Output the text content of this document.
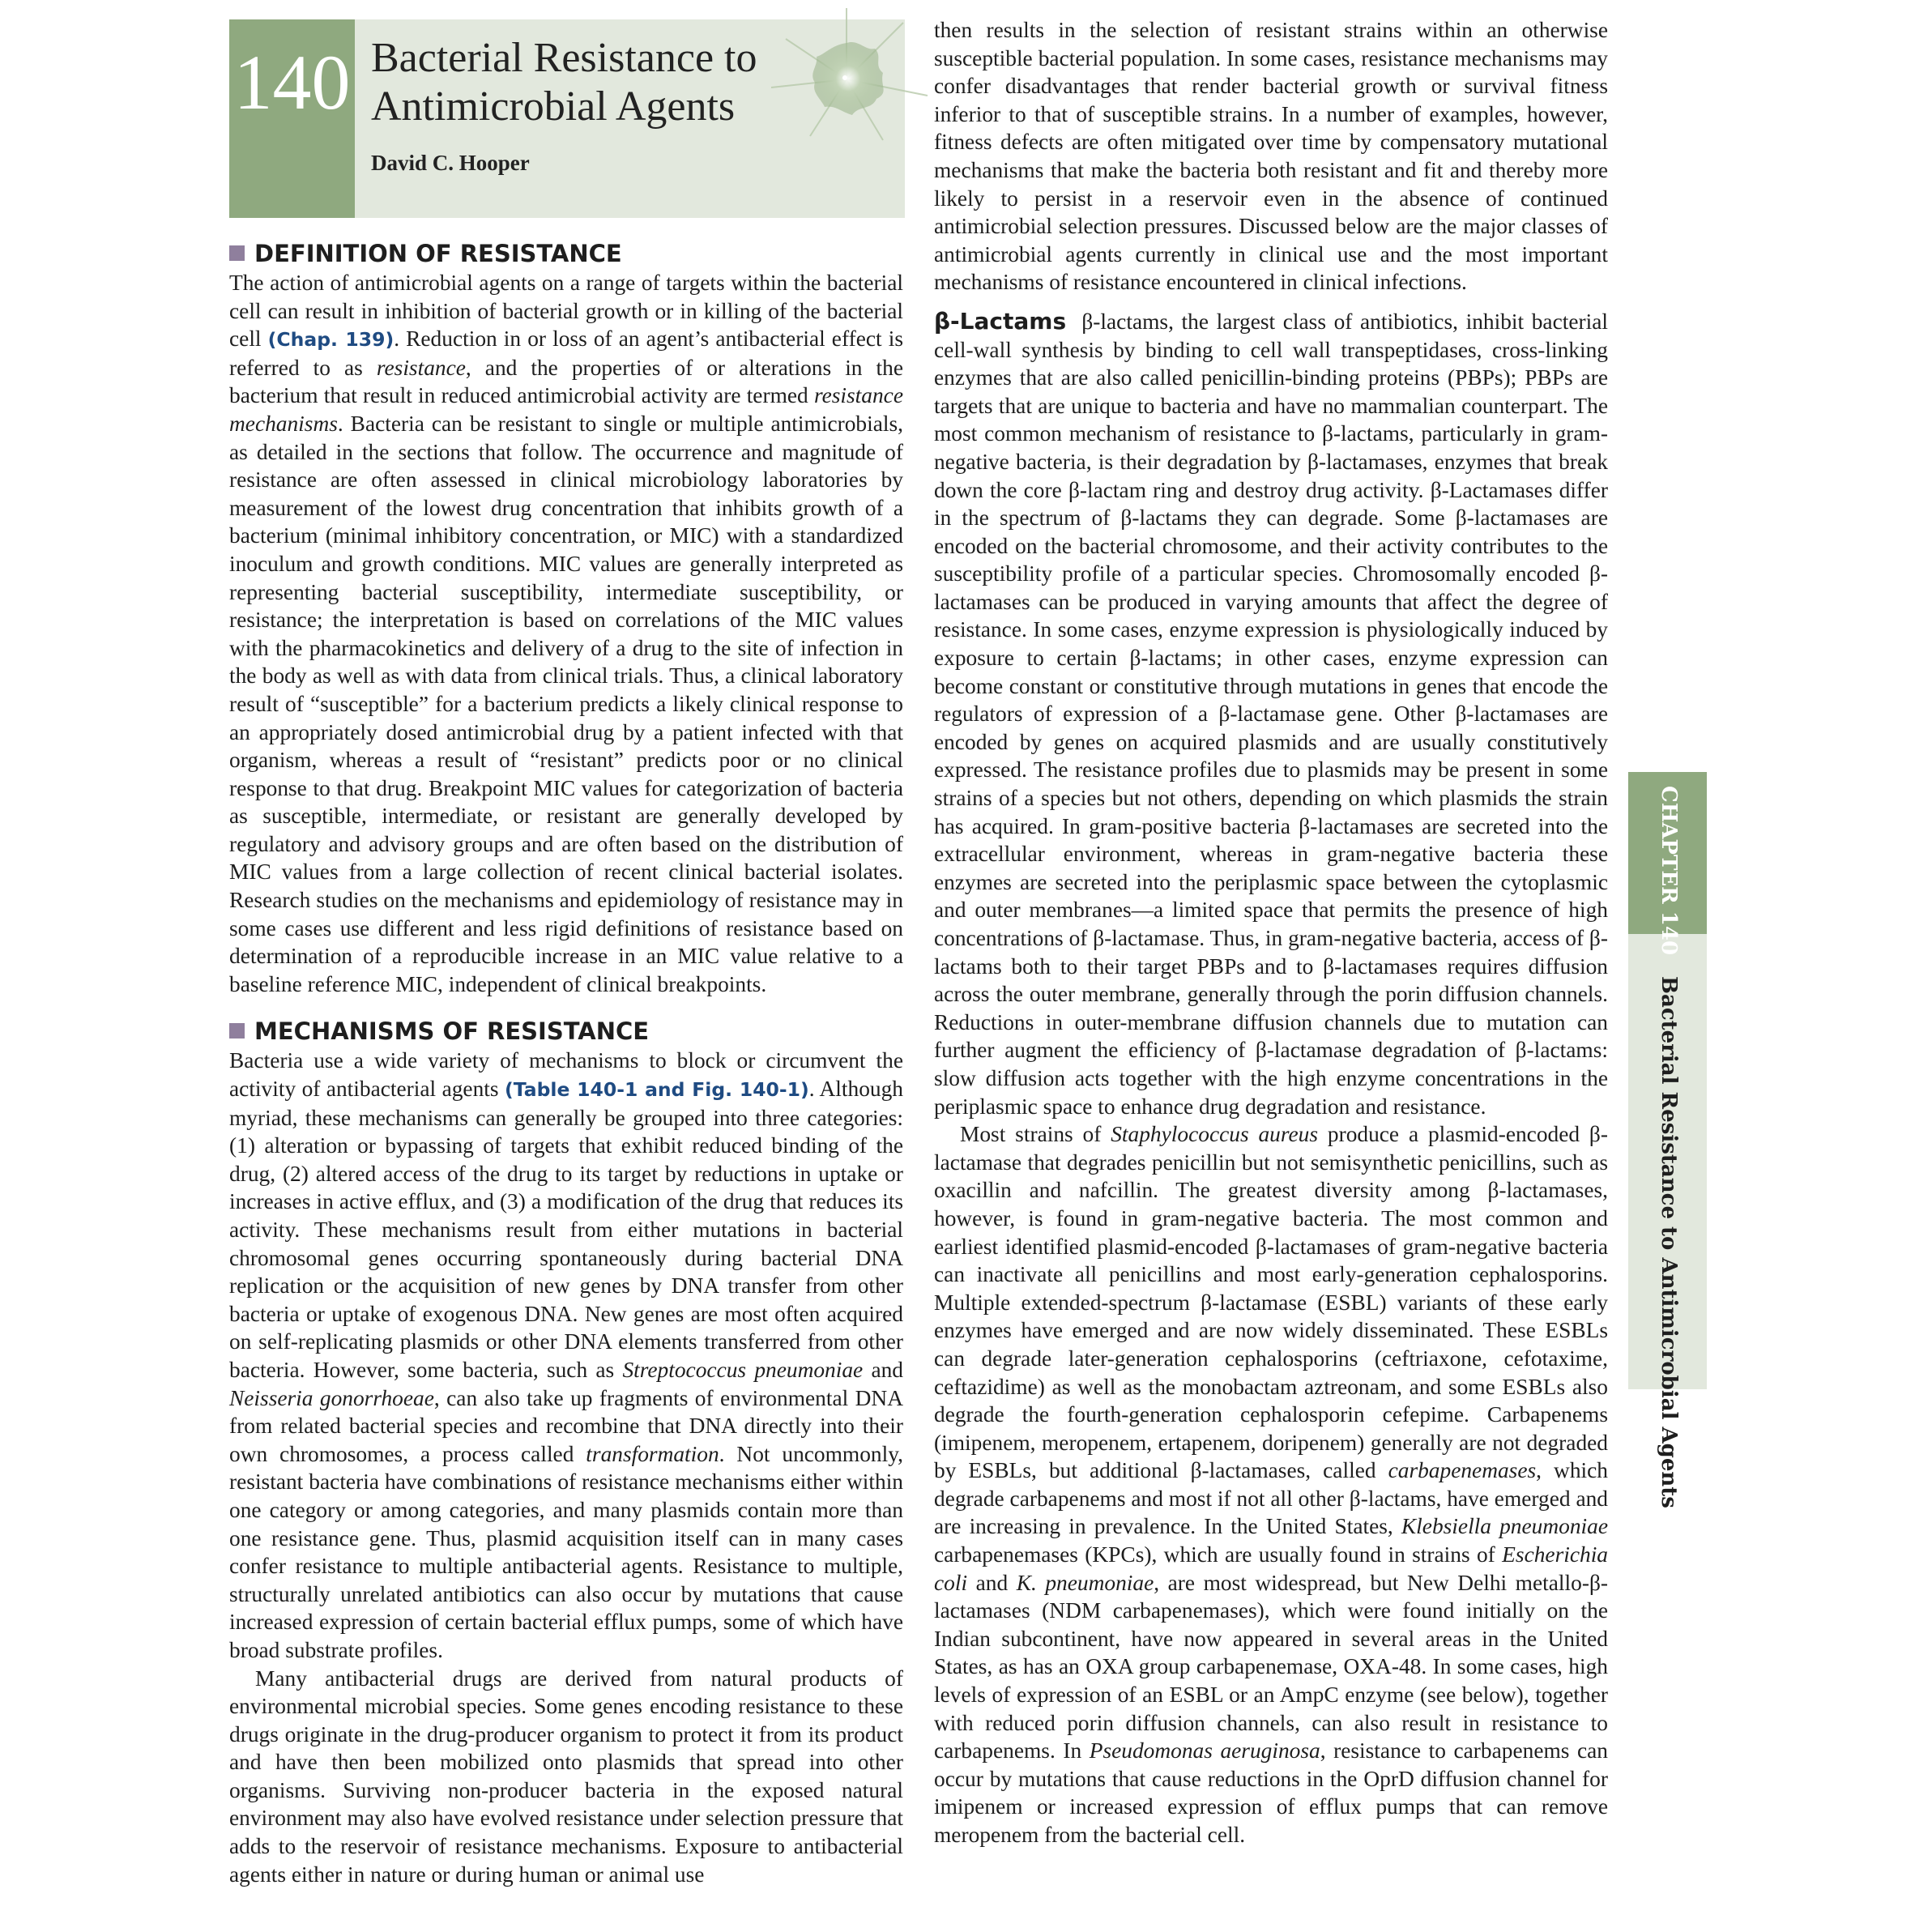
140 Bacterial Resistance to Antimicrobial Agents
David C. Hooper
DEFINITION OF RESISTANCE

The action of antimicrobial agents on a range of targets within the bacterial cell can result in inhibition of bacterial growth or in killing of the bacterial cell (Chap. 139). Reduction in or loss of an agent’s antibacterial effect is referred to as resistance, and the properties of or alterations in the bacterium that result in reduced antimicrobial activity are termed resistance mechanisms. Bacteria can be resistant to single or multiple antimicrobials, as detailed in the sections that follow. The occurrence and magnitude of resistance are often assessed in clinical microbiology laboratories by measurement of the lowest drug concentration that inhibits growth of a bacterium (minimal inhibitory concentration, or MIC) with a standardized inoculum and growth conditions. MIC values are generally interpreted as representing bacterial susceptibility, intermediate susceptibility, or resistance; the interpretation is based on correlations of the MIC values with the pharmacokinetics and delivery of a drug to the site of infection in the body as well as with data from clinical trials. Thus, a clinical laboratory result of “susceptible” for a bacterium predicts a likely clinical response to an appropriately dosed antimicrobial drug by a patient infected with that organism, whereas a result of “resistant” predicts poor or no clinical response to that drug. Breakpoint MIC values for categorization of bacteria as susceptible, intermediate, or resistant are generally developed by regulatory and advisory groups and are often based on the distribution of MIC values from a large collection of recent clinical bacterial isolates. Research studies on the mechanisms and epidemiology of resistance may in some cases use different and less rigid definitions of resistance based on determination of a reproducible increase in an MIC value relative to a baseline reference MIC, independent of clinical breakpoints.

MECHANISMS OF RESISTANCE

Bacteria use a wide variety of mechanisms to block or circumvent the activity of antibacterial agents (Table 140-1 and Fig. 140-1). Although myriad, these mechanisms can generally be grouped into three categories: (1) alteration or bypassing of targets that exhibit reduced binding of the drug, (2) altered access of the drug to its target by reductions in uptake or increases in active efflux, and (3) a modification of the drug that reduces its activity. These mechanisms result from either mutations in bacterial chromosomal genes occurring spontaneously during bacterial DNA replication or the acquisition of new genes by DNA transfer from other bacteria or uptake of exogenous DNA. New genes are most often acquired on self-replicating plasmids or other DNA elements transferred from other bacteria. However, some bacteria, such as Streptococcus pneumoniae and Neisseria gonorrhoeae, can also take up fragments of environmental DNA from related bacterial species and recombine that DNA directly into their own chromosomes, a process called transformation. Not uncommonly, resistant bacteria have combinations of resistance mechanisms either within one category or among categories, and many plasmids contain more than one resistance gene. Thus, plasmid acquisition itself can in many cases confer resistance to multiple antibacterial agents. Resistance to multiple, structurally unrelated antibiotics can also occur by mutations that cause increased expression of certain bacterial efflux pumps, some of which have broad substrate profiles.

Many antibacterial drugs are derived from natural products of environmental microbial species. Some genes encoding resistance to these drugs originate in the drug-producer organism to protect it from its product and have then been mobilized onto plasmids that spread into other organisms. Surviving non-producer bacteria in the exposed natural environment may also have evolved resistance under selection pressure that adds to the reservoir of resistance mechanisms. Exposure to antibacterial agents either in nature or during human or animal use

then results in the selection of resistant strains within an otherwise susceptible bacterial population. In some cases, resistance mechanisms may confer disadvantages that render bacterial growth or survival fitness inferior to that of susceptible strains. In a number of examples, however, fitness defects are often mitigated over time by compensatory mutational mechanisms that make the bacteria both resistant and fit and thereby more likely to persist in a reservoir even in the absence of continued antimicrobial selection pressures. Discussed below are the major classes of antimicrobial agents currently in clinical use and the most important mechanisms of resistance encountered in clinical infections.

β-Lactams β-lactams, the largest class of antibiotics, inhibit bacterial cell-wall synthesis by binding to cell wall transpeptidases, cross-linking enzymes that are also called penicillin-binding proteins (PBPs); PBPs are targets that are unique to bacteria and have no mammalian counterpart. The most common mechanism of resistance to β-lactams, particularly in gram-negative bacteria, is their degradation by β-lactamases, enzymes that break down the core β-lactam ring and destroy drug activity. β-Lactamases differ in the spectrum of β-lactams they can degrade. Some β-lactamases are encoded on the bacterial chromosome, and their activity contributes to the susceptibility profile of a particular species. Chromosomally encoded β-lactamases can be produced in varying amounts that affect the degree of resistance. In some cases, enzyme expression is physiologically induced by exposure to certain β-lactams; in other cases, enzyme expression can become constant or constitutive through mutations in genes that encode the regulators of expression of a β-lactamase gene. Other β-lactamases are encoded by genes on acquired plasmids and are usually constitutively expressed. The resistance profiles due to plasmids may be present in some strains of a species but not others, depending on which plasmids the strain has acquired. In gram-positive bacteria β-lactamases are secreted into the extracellular environment, whereas in gram-negative bacteria these enzymes are secreted into the periplasmic space between the cytoplasmic and outer membranes—a limited space that permits the presence of high concentrations of β-lactamase. Thus, in gram-negative bacteria, access of β-lactams both to their target PBPs and to β-lactamases requires diffusion across the outer membrane, generally through the porin diffusion channels. Reductions in outer-membrane diffusion channels due to mutation can further augment the efficiency of β-lactamase degradation of β-lactams: slow diffusion acts together with the high enzyme concentrations in the periplasmic space to enhance drug degradation and resistance.

Most strains of Staphylococcus aureus produce a plasmid-encoded β-lactamase that degrades penicillin but not semisynthetic penicillins, such as oxacillin and nafcillin. The greatest diversity among β-lactamases, however, is found in gram-negative bacteria. The most common and earliest identified plasmid-encoded β-lactamases of gram-negative bacteria can inactivate all penicillins and most early-generation cephalosporins. Multiple extended-spectrum β-lactamase (ESBL) variants of these early enzymes have emerged and are now widely disseminated. These ESBLs can degrade later-generation cephalosporins (ceftriaxone, cefotaxime, ceftazidime) as well as the monobactam aztreonam, and some ESBLs also degrade the fourth-generation cephalosporin cefepime. Carbapenems (imipenem, meropenem, ertapenem, doripenem) generally are not degraded by ESBLs, but additional β-lactamases, called carbapenemases, which degrade carbapenems and most if not all other β-lactams, have emerged and are increasing in prevalence. In the United States, Klebsiella pneumoniae carbapenemases (KPCs), which are usually found in strains of Escherichia coli and K. pneumoniae, are most widespread, but New Delhi metallo-β-lactamases (NDM carbapenemases), which were found initially on the Indian subcontinent, have now appeared in several areas in the United States, as has an OXA group carbapenemase, OXA-48. In some cases, high levels of expression of an ESBL or an AmpC enzyme (see below), together with reduced porin diffusion channels, can also result in resistance to carbapenems. In Pseudomonas aeruginosa, resistance to carbapenems can occur by mutations that cause reductions in the OprD diffusion channel for imipenem or increased expression of efflux pumps that can remove meropenem from the bacterial cell.

CHAPTER 140Bacterial Resistance to Antimicrobial Agents
